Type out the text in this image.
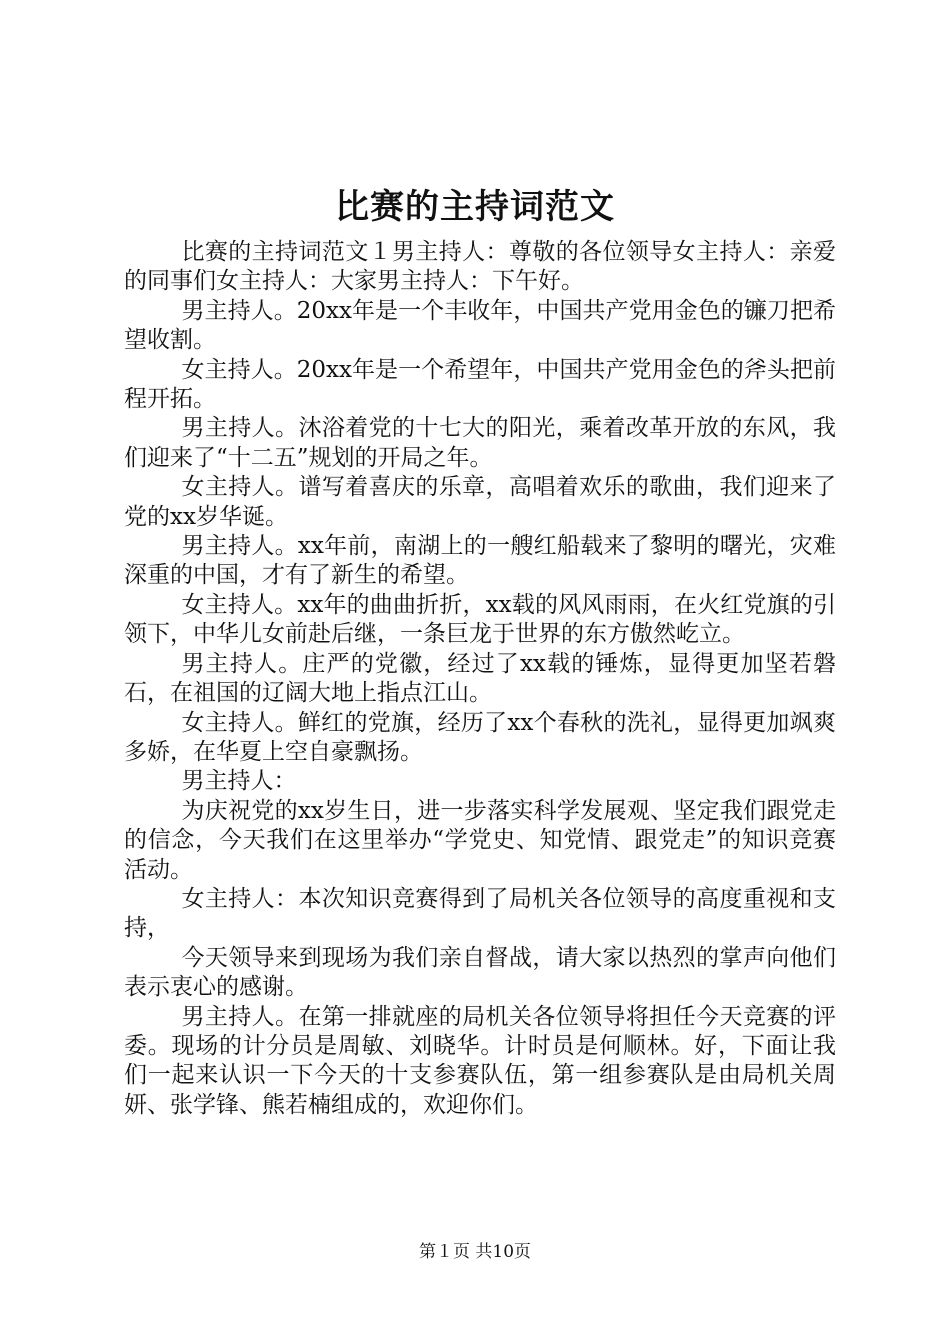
比赛的主持词范文

比赛的主持词范文１男主持人：尊敬的各位领导女主持人：亲爱的同事们女主持人：大家男主持人：下午好。

男主持人。20xx年是一个丰收年，中国共产党用金色的镰刀把希望收割。

女主持人。20xx年是一个希望年，中国共产党用金色的斧头把前程开拓。

男主持人。沐浴着党的十七大的阳光，乘着改革开放的东风，我们迎来了“十二五”规划的开局之年。

女主持人。谱写着喜庆的乐章，高唱着欢乐的歌曲，我们迎来了党的xx岁华诞。

男主持人。xx年前，南湖上的一艘红船载来了黎明的曙光，灾难深重的中国，才有了新生的希望。

女主持人。xx年的曲曲折折，xx载的风风雨雨，在火红党旗的引领下，中华儿女前赴后继，一条巨龙于世界的东方傲然屹立。

男主持人。庄严的党徽，经过了xx载的锤炼，显得更加坚若磐石，在祖国的辽阔大地上指点江山。

女主持人。鲜红的党旗，经历了xx个春秋的洗礼，显得更加飒爽多娇，在华夏上空自豪飘扬。

男主持人：

为庆祝党的xx岁生日，进一步落实科学发展观、坚定我们跟党走的信念，今天我们在这里举办“学党史、知党情、跟党走”的知识竞赛活动。

女主持人：本次知识竞赛得到了局机关各位领导的高度重视和支持，

今天领导来到现场为我们亲自督战，请大家以热烈的掌声向他们表示衷心的感谢。

男主持人。在第一排就座的局机关各位领导将担任今天竞赛的评委。现场的计分员是周敏、刘晓华。计时员是何顺林。好，下面让我们一起来认识一下今天的十支参赛队伍，第一组参赛队是由局机关周妍、张学锋、熊若楠组成的，欢迎你们。

第１页 共10页
